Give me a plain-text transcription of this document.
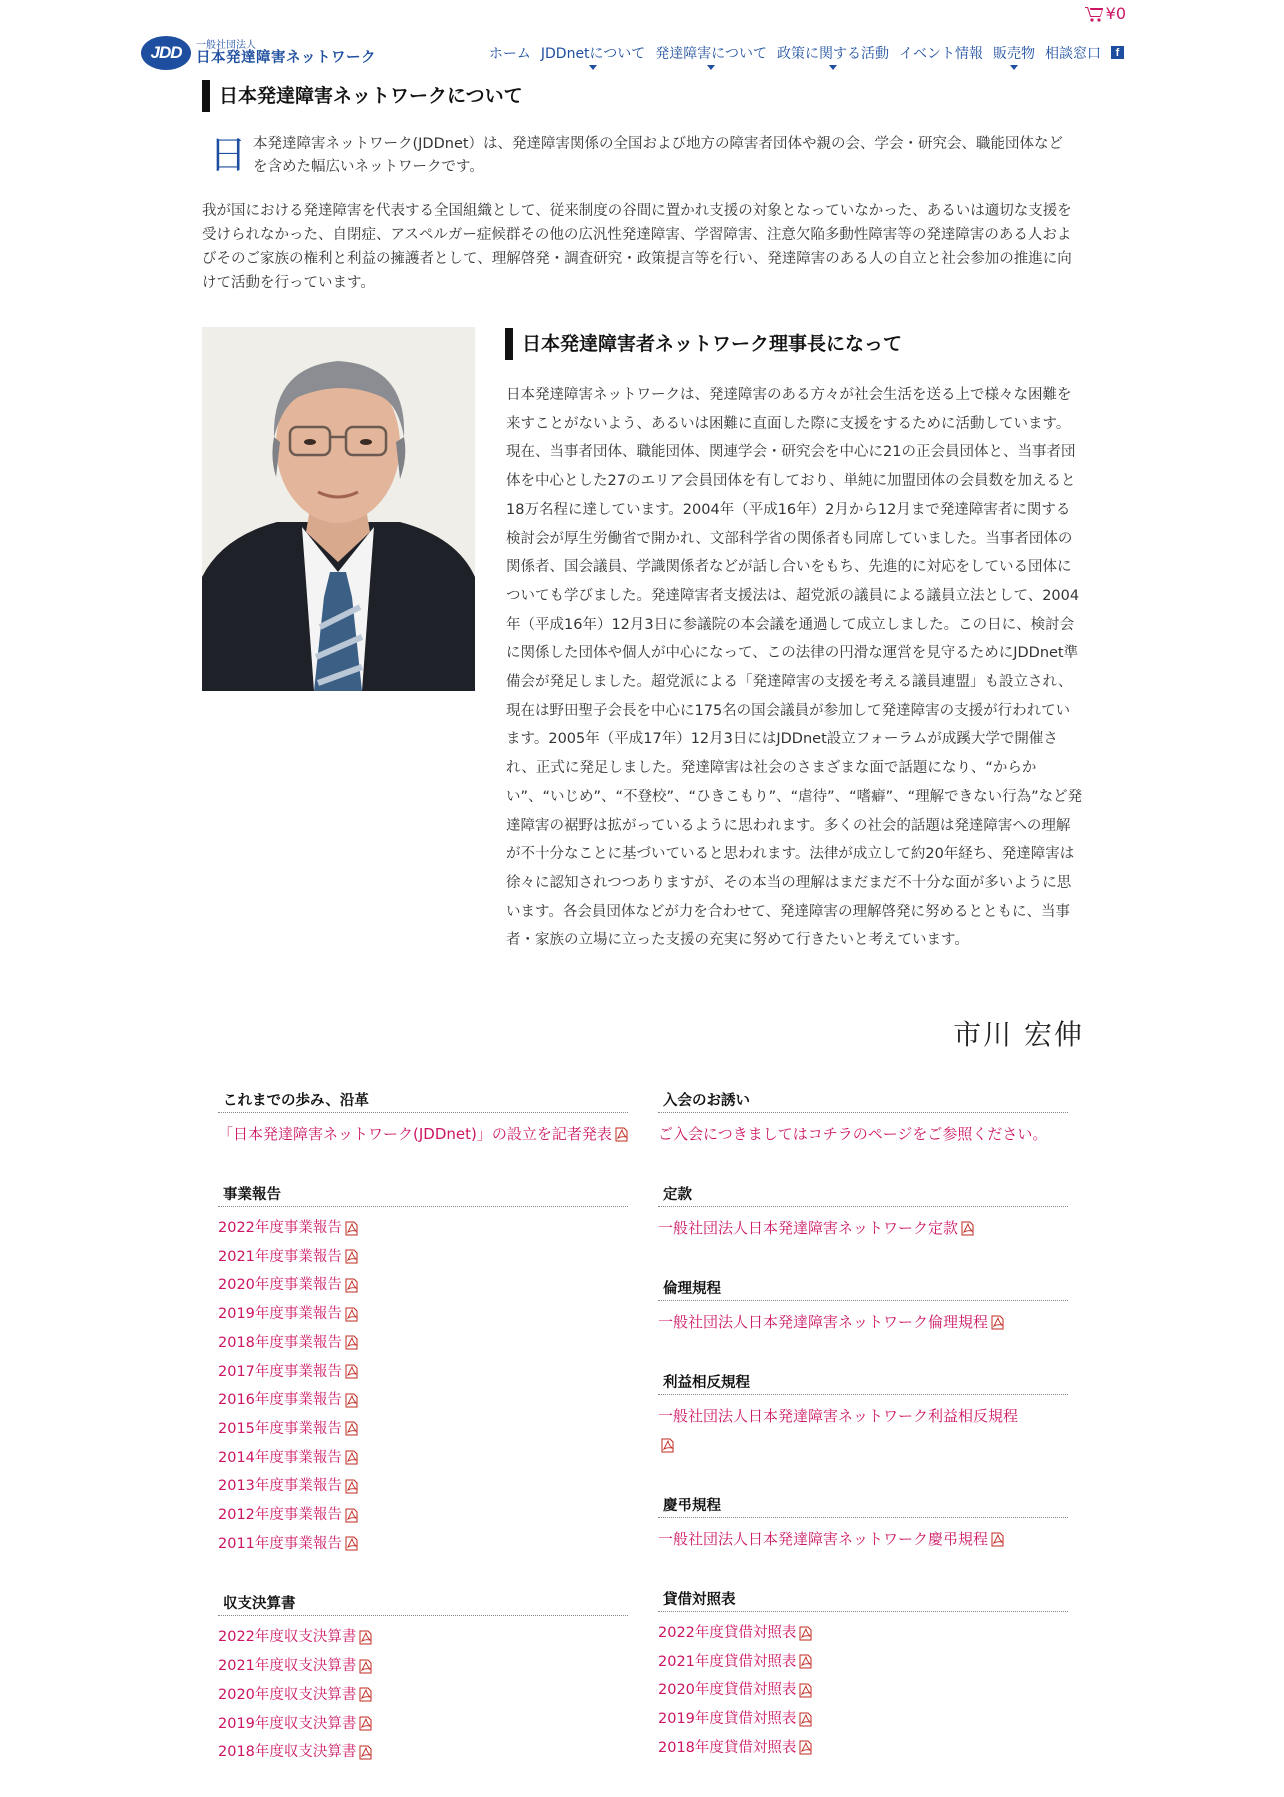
¥0
JDD	一般社団法人
日本発達障害ネットワーク	ホーム JDDnetについて 発達障害について 政策に関する活動 イベント情報 販売物 相談窓口	f
日本発達障害ネットワークについて
日 本発達障害ネットワーク(JDDnet）は、発達障害関係の全国および地方の障害者団体や親の会、学会・研究会、職能団体などを含めた幅広いネットワークです。

我が国における発達障害を代表する全国組織として、従来制度の谷間に置かれ支援の対象となっていなかった、あるいは適切な支援を受けられなかった、自閉症、アスペルガー症候群その他の広汎性発達障害、学習障害、注意欠陥多動性障害等の発達障害のある人およびそのご家族の権利と利益の擁護者として、理解啓発・調査研究・政策提言等を行い、発達障害のある人の自立と社会参加の推進に向けて活動を行っています。

日本発達障害者ネットワーク理事長になって

日本発達障害ネットワークは、発達障害のある方々が社会生活を送る上で様々な困難を来すことがないよう、あるいは困難に直面した際に支援をするために活動しています。現在、当事者団体、職能団体、関連学会・研究会を中心に21の正会員団体と、当事者団体を中心とした27のエリア会員団体を有しており、単純に加盟団体の会員数を加えると18万名程に達しています。2004年（平成16年）2月から12月まで発達障害者に関する検討会が厚生労働省で開かれ、文部科学省の関係者も同席していました。当事者団体の関係者、国会議員、学識関係者などが話し合いをもち、先進的に対応をしている団体についても学びました。発達障害者支援法は、超党派の議員による議員立法として、2004年（平成16年）12月3日に参議院の本会議を通過して成立しました。この日に、検討会に関係した団体や個人が中心になって、この法律の円滑な運営を見守るためにJDDnet準備会が発足しました。超党派による「発達障害の支援を考える議員連盟」も設立され、現在は野田聖子会長を中心に175名の国会議員が参加して発達障害の支援が行われています。2005年（平成17年）12月3日にはJDDnet設立フォーラムが成蹊大学で開催され、正式に発足しました。発達障害は社会のさまざまな面で話題になり、“からかい”、“いじめ”、“不登校”、“ひきこもり”、“虐待”、“嗜癖”、“理解できない行為”など発達障害の裾野は拡がっているように思われます。多くの社会的話題は発達障害への理解が不十分なことに基づいていると思われます。法律が成立して約20年経ち、発達障害は徐々に認知されつつありますが、その本当の理解はまだまだ不十分な面が多いように思います。各会員団体などが力を合わせて、発達障害の理解啓発に努めるとともに、当事者・家族の立場に立った支援の充実に努めて行きたいと考えています。

市川 宏伸
これまでの歩み、沿革
「日本発達障害ネットワーク(JDDnet)」の設立を記者発表
事業報告
2022年度事業報告
2021年度事業報告
2020年度事業報告
2019年度事業報告
2018年度事業報告
2017年度事業報告
2016年度事業報告
2015年度事業報告
2014年度事業報告
2013年度事業報告
2012年度事業報告
2011年度事業報告
収支決算書
2022年度収支決算書
2021年度収支決算書
2020年度収支決算書
2019年度収支決算書
2018年度収支決算書
入会のお誘い
ご入会につきましてはコチラのページをご参照ください。
定款
一般社団法人日本発達障害ネットワーク定款
倫理規程
一般社団法人日本発達障害ネットワーク倫理規程
利益相反規程
一般社団法人日本発達障害ネットワーク利益相反規程

慶弔規程
一般社団法人日本発達障害ネットワーク慶弔規程
貸借対照表
2022年度貸借対照表
2021年度貸借対照表
2020年度貸借対照表
2019年度貸借対照表
2018年度貸借対照表
